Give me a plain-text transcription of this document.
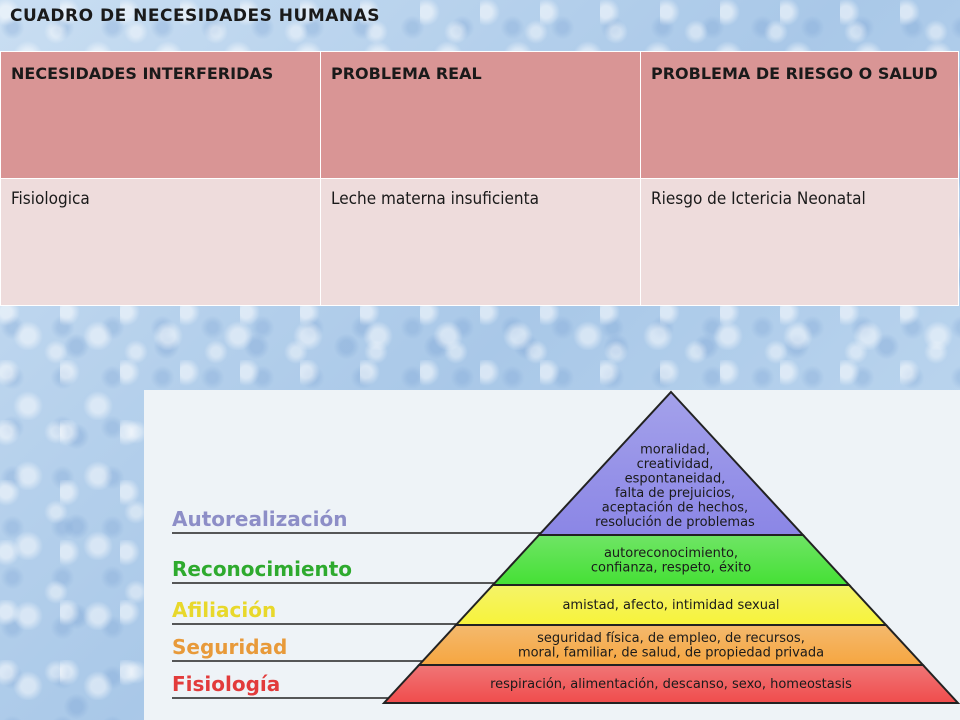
CUADRO DE NECESIDADES HUMANAS
NECESIDADES INTERFERIDAS	PROBLEMA REAL	PROBLEMA DE RIESGO O SALUD
Fisiologica	Leche materna insuficienta	Riesgo de Ictericia Neonatal
moralidad,
creatividad,
espontaneidad,
falta de prejuicios,
aceptación de hechos,
resolución de problemas
Autorealización
autoreconocimiento,
confianza, respeto, éxito
Reconocimiento
amistad, afecto, intimidad sexual
Afiliación
seguridad física, de empleo, de recursos,
moral, familiar, de salud, de propiedad privada
Seguridad
respiración, alimentación, descanso, sexo, homeostasis
Fisiología
